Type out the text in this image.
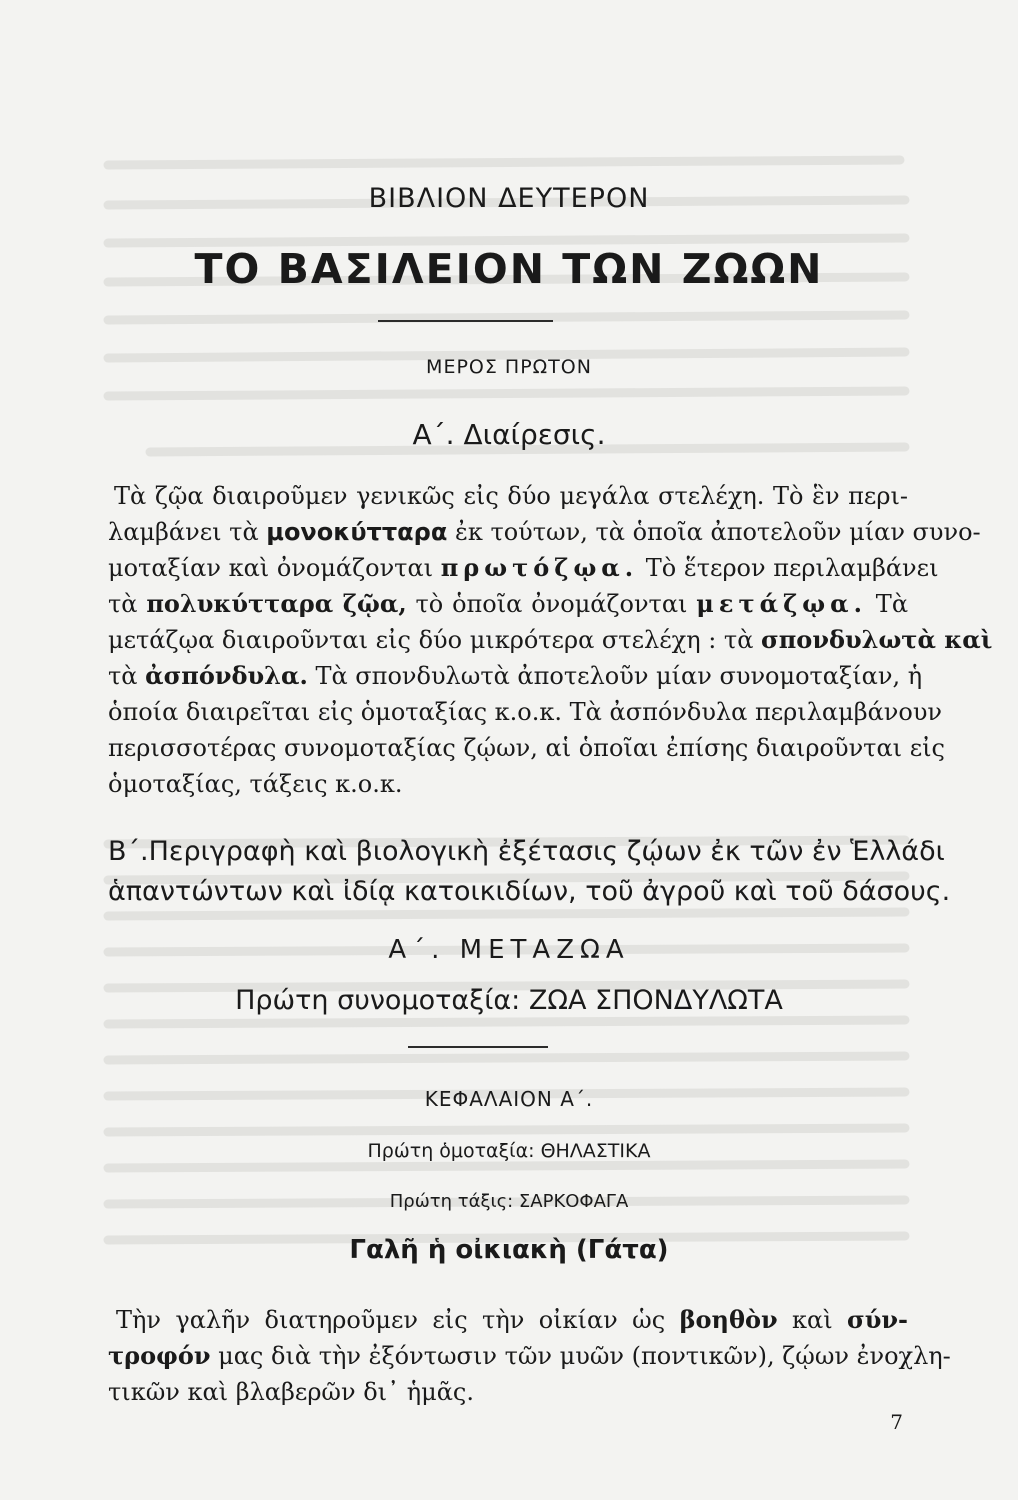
ΒΙΒΛΙΟΝ ΔΕΥΤΕΡΟΝ
ΤΟ ΒΑΣΙΛΕΙΟΝ ΤΩΝ ΖΩΩΝ
ΜΕΡΟΣ ΠΡΩΤΟΝ
Α΄. Διαίρεσις.
Τὰ ζῷα διαιροῦμεν γενικῶς εἰς δύο μεγάλα στελέχη. Τὸ ἓν περι-
λαμβάνει τὰ μονοκύτταρα ἐκ τούτων, τὰ ὁποῖα ἀποτελοῦν μίαν συνο-
μοταξίαν καὶ ὀνομάζονται πρωτόζῳα. Τὸ ἕτερον περιλαμβάνει
τὰ πολυκύτταρα ζῷα, τὸ ὁποῖα ὀνομάζονται μετάζῳα. Τὰ
μετάζῳα διαιροῦνται εἰς δύο μικρότερα στελέχη : τὰ σπονδυλωτὰ καὶ
τὰ ἀσπόνδυλα. Τὰ σπονδυλωτὰ ἀποτελοῦν μίαν συνομοταξίαν, ἡ
ὁποία διαιρεῖται εἰς ὁμοταξίας κ.ο.κ. Τὰ ἀσπόνδυλα περιλαμβάνουν
περισσοτέρας συνομοταξίας ζῴων, αἱ ὁποῖαι ἐπίσης διαιροῦνται εἰς
ὁμοταξίας, τάξεις κ.ο.κ.
Β΄.Περιγραφὴ καὶ βιολογικὴ ἐξέτασις ζῴων ἐκ τῶν ἐν Ἑλλάδι
ἁπαντώντων καὶ ἰδίᾳ κατοικιδίων, τοῦ ἀγροῦ καὶ τοῦ δάσους.
Α΄. ΜΕΤΑΖΩΑ
Πρώτη συνομοταξία: ΖΩΑ ΣΠΟΝΔΥΛΩΤΑ
ΚΕΦΑΛΑΙΟΝ Α΄.
Πρώτη ὁμοταξία: ΘΗΛΑΣΤΙΚΑ
Πρώτη τάξις: ΣΑΡΚΟΦΑΓΑ
Γαλῆ ἡ οἰκιακὴ (Γάτα)
Τὴν γαλῆν διατηροῦμεν εἰς τὴν οἰκίαν ὡς βοηθὸν καὶ σύν-
τροφόν μας διὰ τὴν ἐξόντωσιν τῶν μυῶν (ποντικῶν), ζῴων ἐνοχλη-
τικῶν καὶ βλαβερῶν δι᾽ ἡμᾶς.
7
